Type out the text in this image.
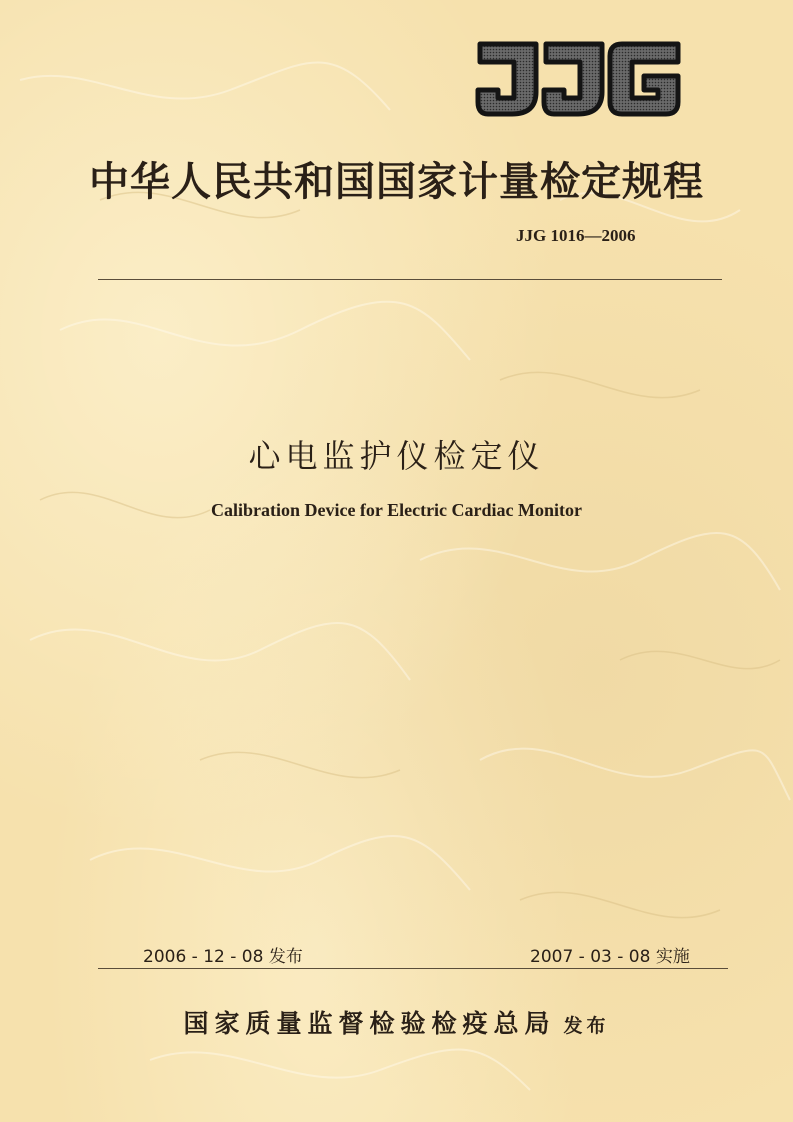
中华人民共和国国家计量检定规程
JJG 1016—2006
心电监护仪检定仪
Calibration Device for Electric Cardiac Monitor
2006 - 12 - 08 发布	2007 - 03 - 08 实施
国家质量监督检验检疫总局 发布
